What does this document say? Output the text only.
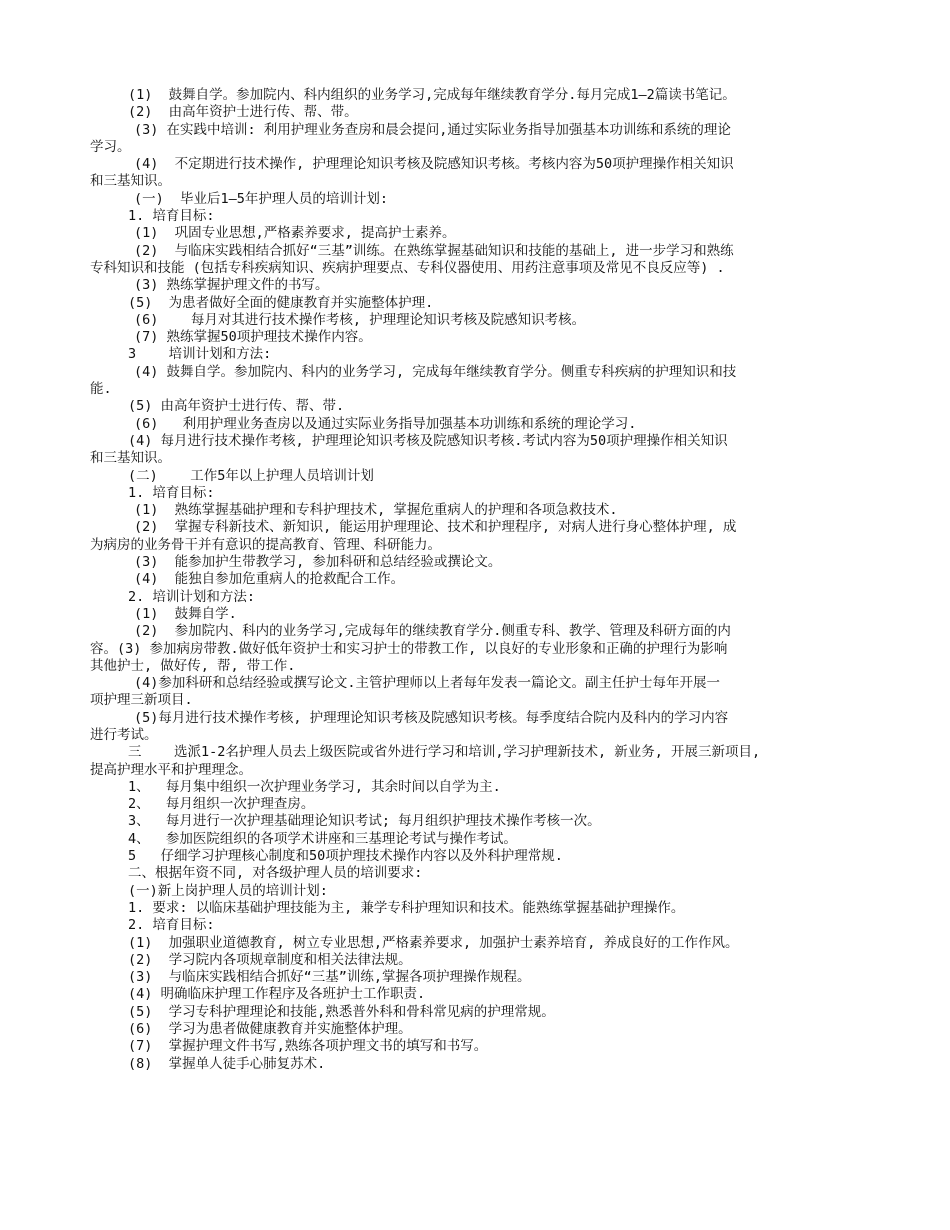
(1)  鼓舞自学。参加院内、科内组织的业务学习,完成每年继续教育学分.每月完成1—2篇读书笔记。
(2)  由高年资护士进行传、帮、带。
(3) 在实践中培训: 利用护理业务查房和晨会提问,通过实际业务指导加强基本功训练和系统的理论
学习。
(4)  不定期进行技术操作, 护理理论知识考核及院感知识考核。考核内容为50项护理操作相关知识
和三基知识。
(一)  毕业后1—5年护理人员的培训计划:
1. 培育目标:
(1)  巩固专业思想,严格素养要求, 提高护士素养。
(2)  与临床实践相结合抓好“三基”训练。在熟练掌握基础知识和技能的基础上, 进一步学习和熟练
专科知识和技能 (包括专科疾病知识、疾病护理要点、专科仪器使用、用药注意事项及常见不良反应等) .
(3) 熟练掌握护理文件的书写。
(5)  为患者做好全面的健康教育并实施整体护理.
(6)    每月对其进行技术操作考核, 护理理论知识考核及院感知识考核。
(7) 熟练掌握50项护理技术操作内容。
3    培训计划和方法:
(4) 鼓舞自学。参加院内、科内的业务学习, 完成每年继续教育学分。侧重专科疾病的护理知识和技
能.
(5) 由高年资护士进行传、帮、带.
(6)   利用护理业务查房以及通过实际业务指导加强基本功训练和系统的理论学习.
(4) 每月进行技术操作考核, 护理理论知识考核及院感知识考核.考试内容为50项护理操作相关知识
和三基知识。
(二)    工作5年以上护理人员培训计划
1. 培育目标:
(1)  熟练掌握基础护理和专科护理技术, 掌握危重病人的护理和各项急救技术.
(2)  掌握专科新技术、新知识, 能运用护理理论、技术和护理程序, 对病人进行身心整体护理, 成
为病房的业务骨干并有意识的提高教育、管理、科研能力。
(3)  能参加护生带教学习, 参加科研和总结经验或撰论文。
(4)  能独自参加危重病人的抢救配合工作。
2. 培训计划和方法:
(1)  鼓舞自学.
(2)  参加院内、科内的业务学习,完成每年的继续教育学分.侧重专科、教学、管理及科研方面的内
容。(3) 参加病房带教.做好低年资护士和实习护士的带教工作, 以良好的专业形象和正确的护理行为影响
其他护士, 做好传, 帮, 带工作.
(4)参加科研和总结经验或撰写论文.主管护理师以上者每年发表一篇论文。副主任护士每年开展一
项护理三新项目.
(5)每月进行技术操作考核, 护理理论知识考核及院感知识考核。每季度结合院内及科内的学习内容
进行考试。
三    选派1-2名护理人员去上级医院或省外进行学习和培训,学习护理新技术, 新业务, 开展三新项目,
提高护理水平和护理理念。
1、  每月集中组织一次护理业务学习, 其余时间以自学为主.
2、  每月组织一次护理查房。
3、  每月进行一次护理基础理论知识考试; 每月组织护理技术操作考核一次。
4、  参加医院组织的各项学术讲座和三基理论考试与操作考试。
5   仔细学习护理核心制度和50项护理技术操作内容以及外科护理常规.
二、根据年资不同, 对各级护理人员的培训要求:
(一)新上岗护理人员的培训计划:
1. 要求: 以临床基础护理技能为主, 兼学专科护理知识和技术。能熟练掌握基础护理操作。
2. 培育目标:
(1)  加强职业道德教育, 树立专业思想,严格素养要求, 加强护士素养培育, 养成良好的工作作风。
(2)  学习院内各项规章制度和相关法律法规。
(3)  与临床实践相结合抓好“三基”训练,掌握各项护理操作规程。
(4) 明确临床护理工作程序及各班护士工作职责.
(5)  学习专科护理理论和技能,熟悉普外科和骨科常见病的护理常规。
(6)  学习为患者做健康教育并实施整体护理。
(7)  掌握护理文件书写,熟练各项护理文书的填写和书写。
(8)  掌握单人徒手心肺复苏术.
